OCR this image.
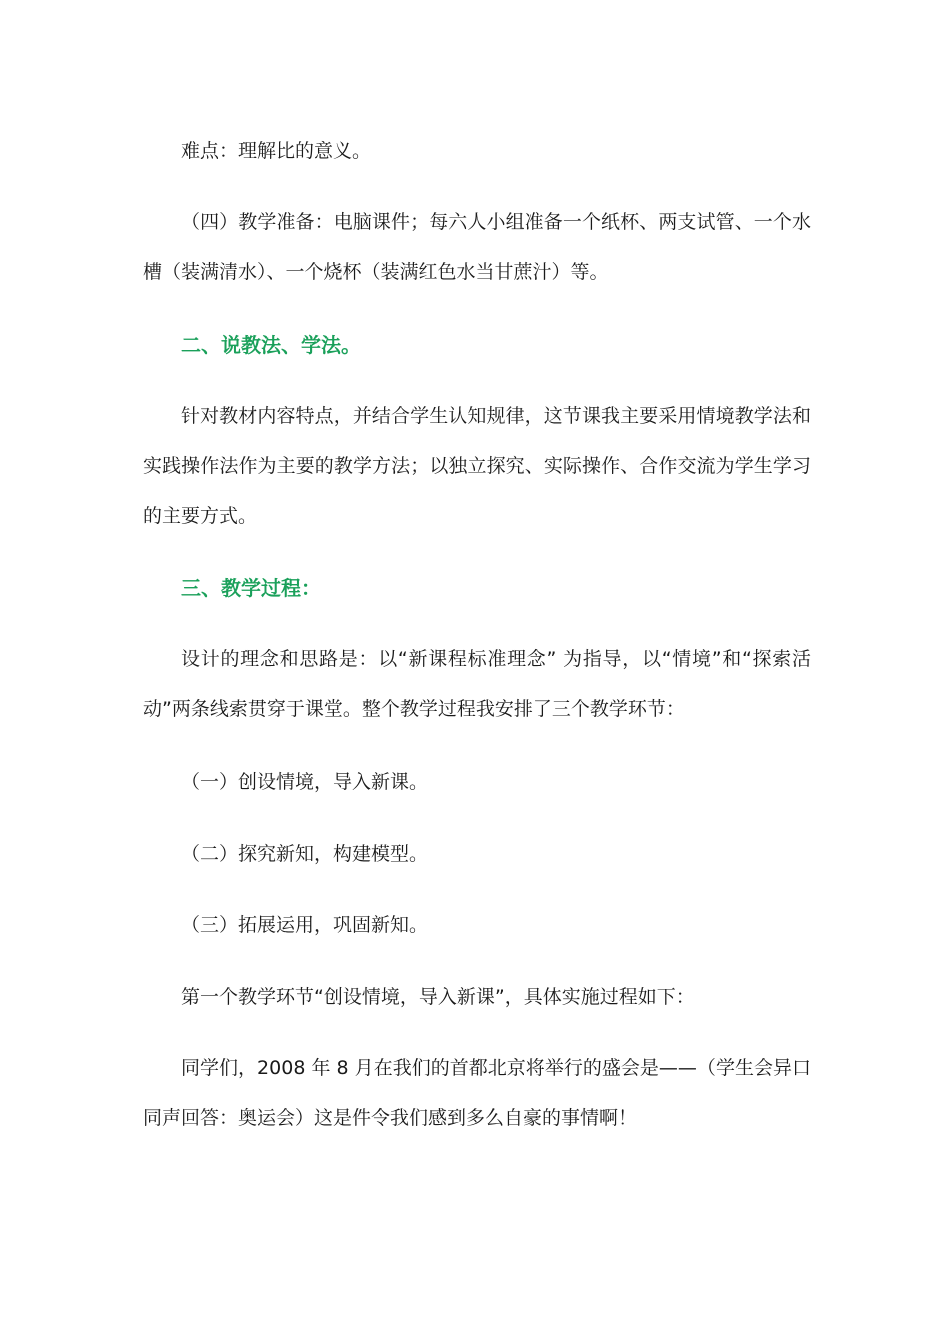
难点：理解比的意义。

（四）教学准备：电脑课件；每六人小组准备一个纸杯、两支试管、一个水槽（装满清水）、一个烧杯（装满红色水当甘蔗汁）等。

二、说教法、学法。

针对教材内容特点，并结合学生认知规律，这节课我主要采用情境教学法和实践操作法作为主要的教学方法；以独立探究、实际操作、合作交流为学生学习的主要方式。

三、教学过程：

设计的理念和思路是：以“新课程标准理念” 为指导，以“情境”和“探索活动”两条线索贯穿于课堂。整个教学过程我安排了三个教学环节：

（一）创设情境，导入新课。

（二）探究新知，构建模型。

（三）拓展运用，巩固新知。

第一个教学环节“创设情境，导入新课”，具体实施过程如下：

同学们，2008 年 8 月在我们的首都北京将举行的盛会是——（学生会异口同声回答：奥运会）这是件令我们感到多么自豪的事情啊！
